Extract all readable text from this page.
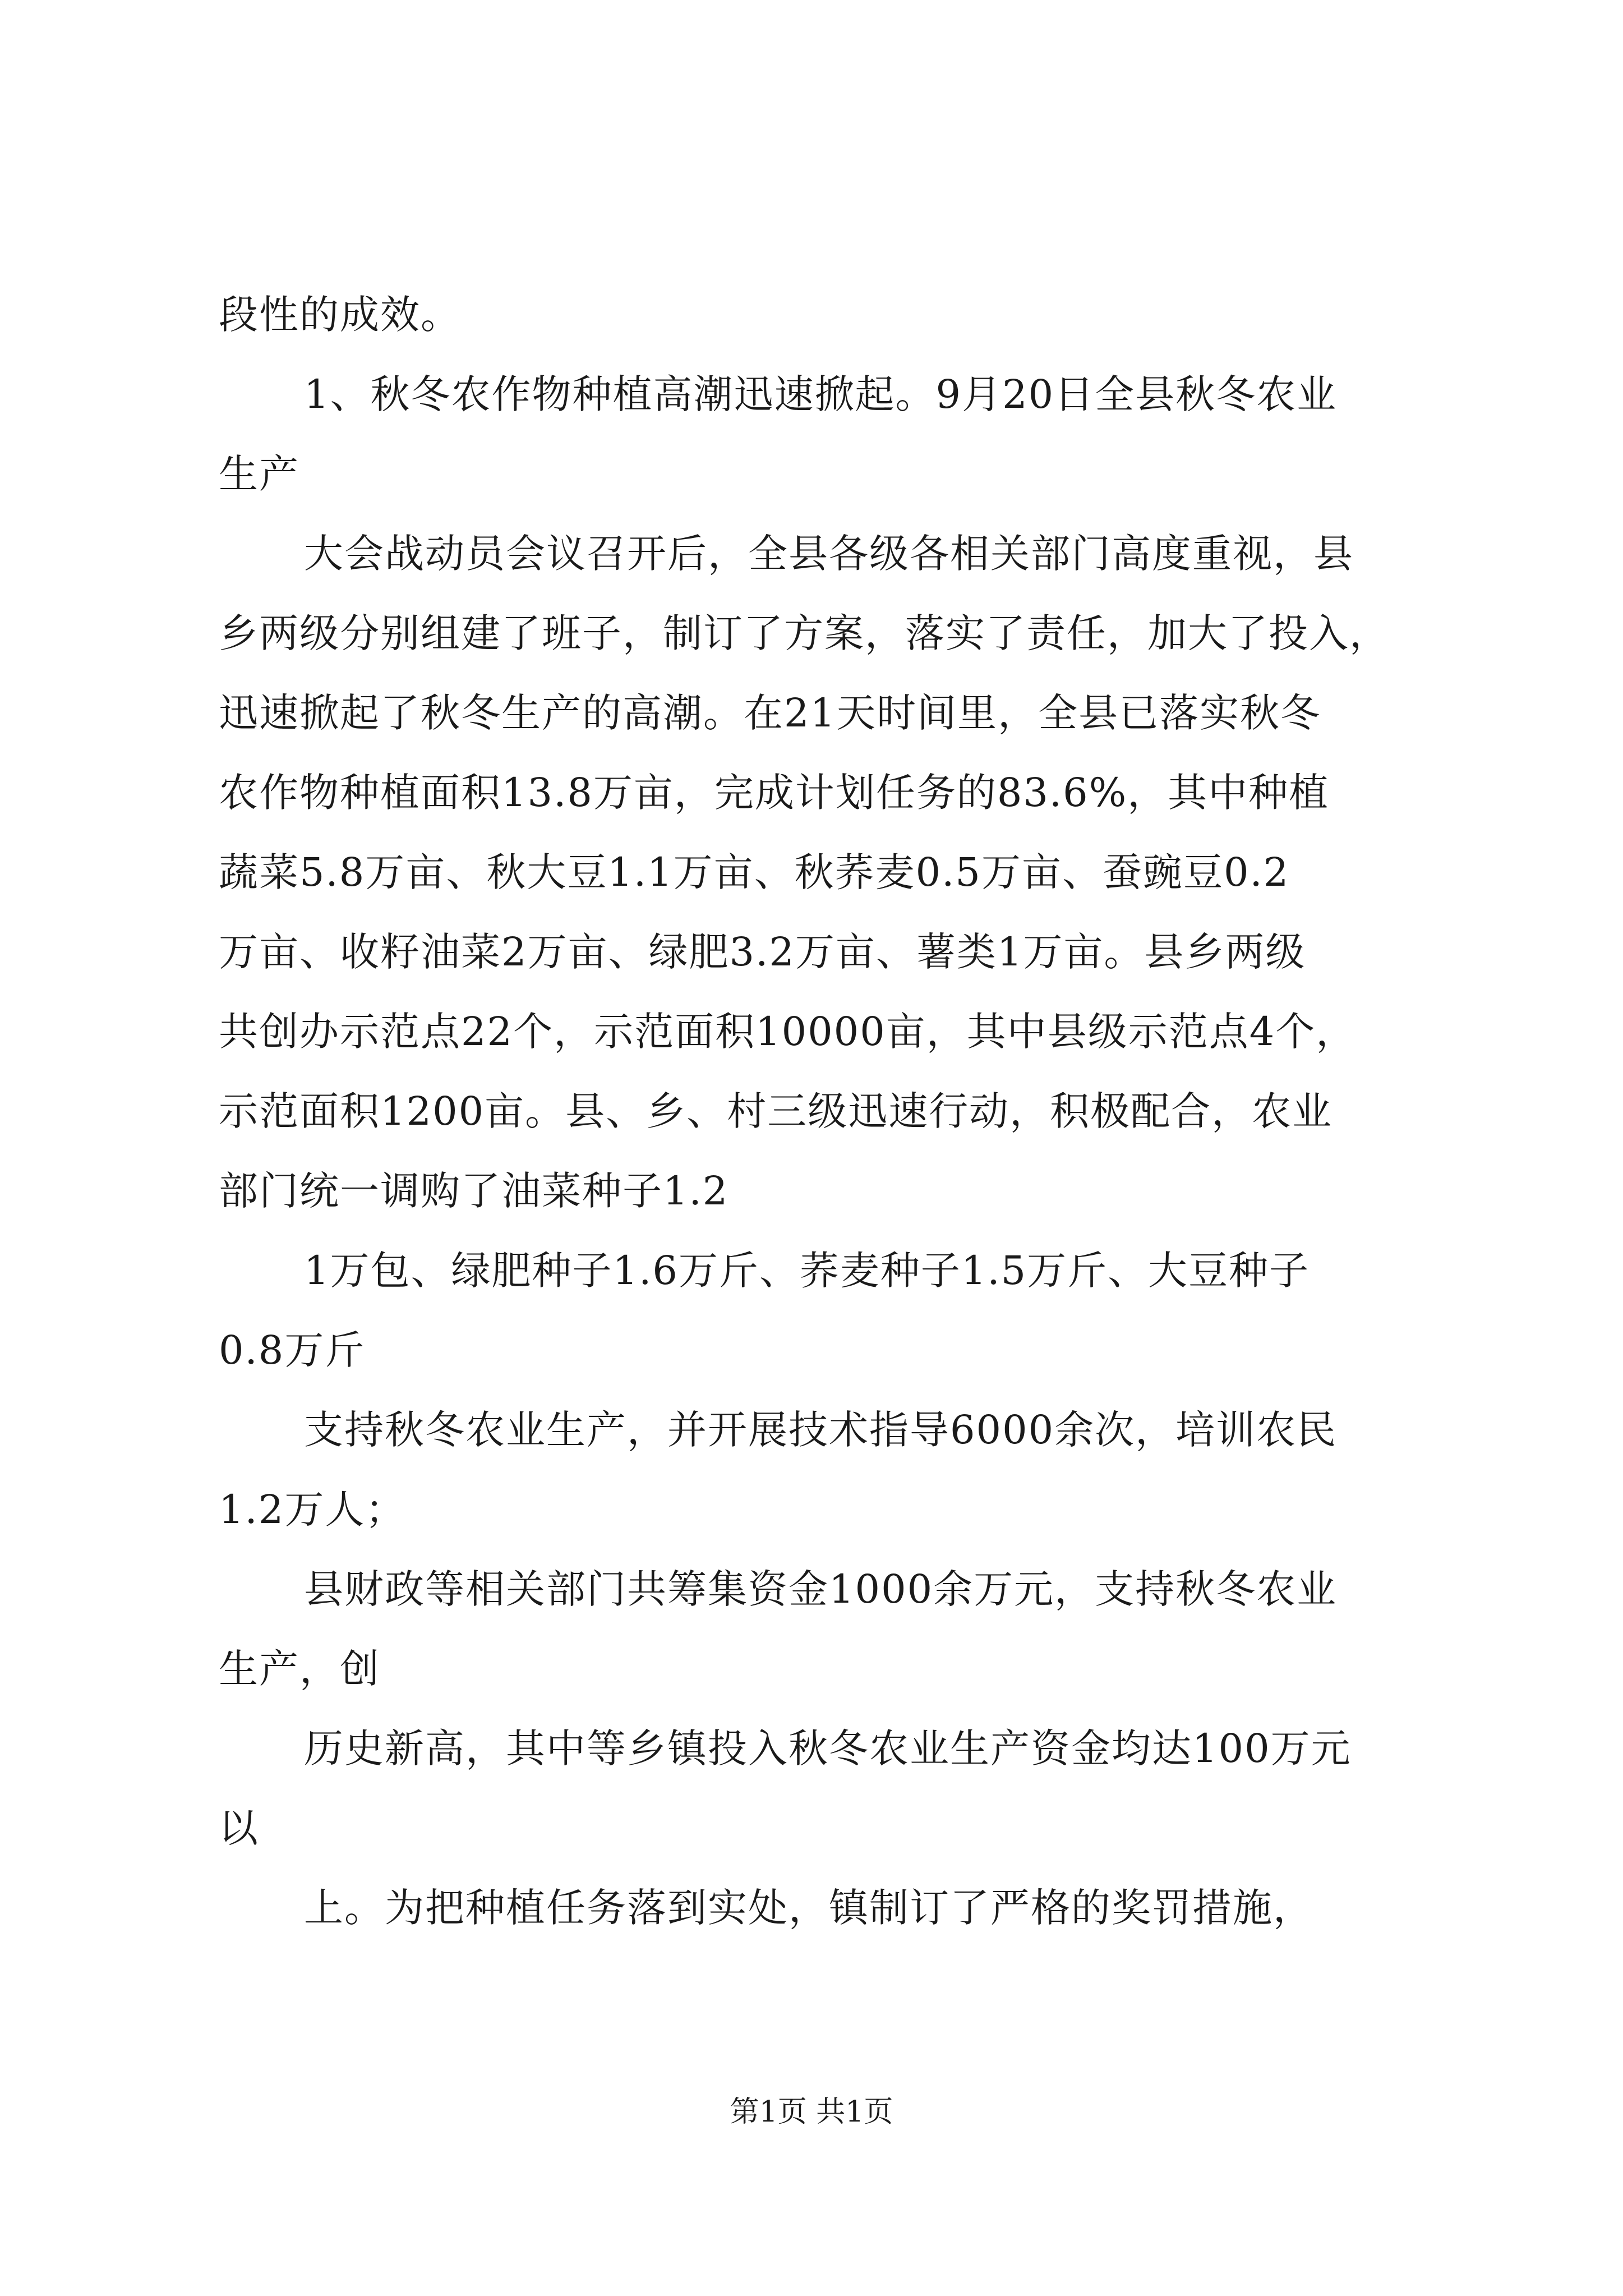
段性的成效。
1、秋冬农作物种植高潮迅速掀起。9月20日全县秋冬农业
生产
大会战动员会议召开后，全县各级各相关部门高度重视，县
乡两级分别组建了班子，制订了方案，落实了责任，加大了投入，
迅速掀起了秋冬生产的高潮。在21天时间里，全县已落实秋冬
农作物种植面积13.8万亩，完成计划任务的83.6%，其中种植
蔬菜5.8万亩、秋大豆1.1万亩、秋荞麦0.5万亩、蚕豌豆0.2
万亩、收籽油菜2万亩、绿肥3.2万亩、薯类1万亩。县乡两级
共创办示范点22个，示范面积10000亩，其中县级示范点4个，
示范面积1200亩。县、乡、村三级迅速行动，积极配合，农业
部门统一调购了油菜种子1.2
1万包、绿肥种子1.6万斤、荞麦种子1.5万斤、大豆种子
0.8万斤
支持秋冬农业生产，并开展技术指导6000余次，培训农民
1.2万人；
县财政等相关部门共筹集资金1000余万元，支持秋冬农业
生产，创
历史新高，其中等乡镇投入秋冬农业生产资金均达100万元
以
上。为把种植任务落到实处，镇制订了严格的奖罚措施，
第1页 共1页
